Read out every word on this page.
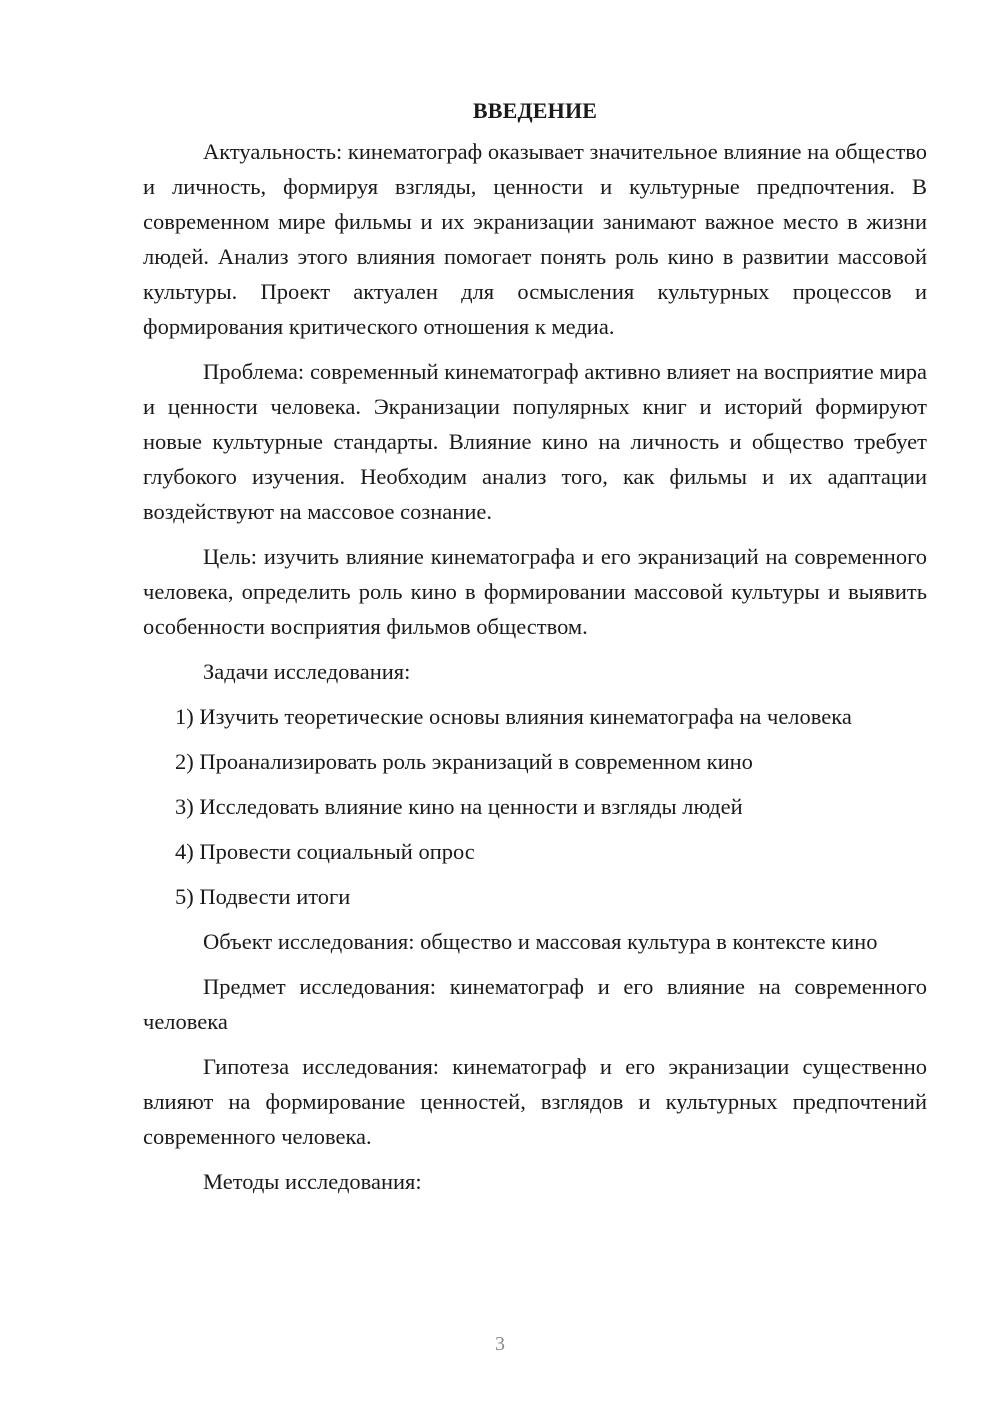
ВВЕДЕНИЕ

Актуальность: кинематограф оказывает значительное влияние на общество и личность, формируя взгляды, ценности и культурные предпочтения. В современном мире фильмы и их экранизации занимают важное место в жизни людей. Анализ этого влияния помогает понять роль кино в развитии массовой культуры. Проект актуален для осмысления культурных процессов и формирования критического отношения к медиа.

Проблема: современный кинематограф активно влияет на восприятие мира и ценности человека. Экранизации популярных книг и историй формируют новые культурные стандарты. Влияние кино на личность и общество требует глубокого изучения. Необходим анализ того, как фильмы и их адаптации воздействуют на массовое сознание.

Цель: изучить влияние кинематографа и его экранизаций на современного человека, определить роль кино в формировании массовой культуры и выявить особенности восприятия фильмов обществом.

Задачи исследования:

1) Изучить теоретические основы влияния кинематографа на человека
2) Проанализировать роль экранизаций в современном кино
3) Исследовать влияние кино на ценности и взгляды людей
4) Провести социальный опрос
5) Подвести итоги

Объект исследования: общество и массовая культура в контексте кино

Предмет исследования: кинематограф и его влияние на современного человека

Гипотеза исследования: кинематограф и его экранизации существенно влияют на формирование ценностей, взглядов и культурных предпочтений современного человека.

Методы исследования:

3
